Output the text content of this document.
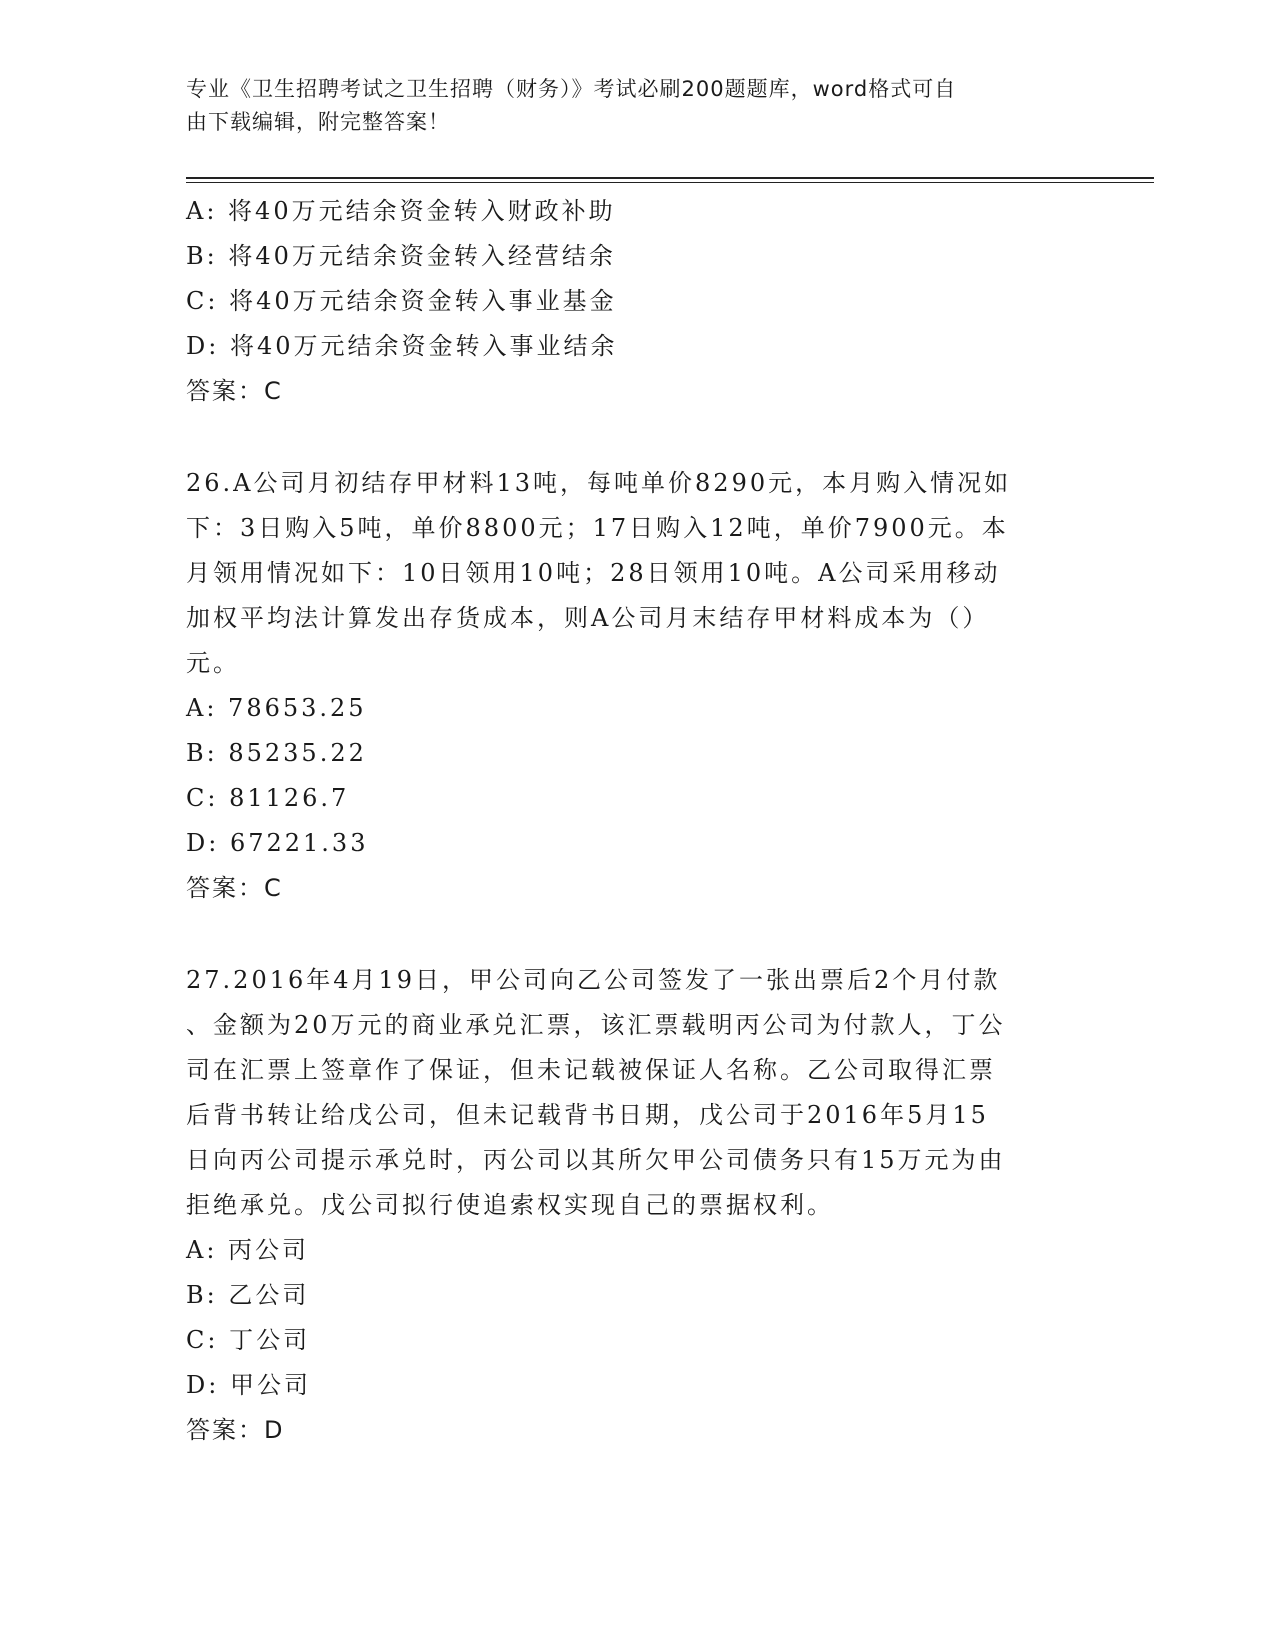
专业《卫生招聘考试之卫生招聘（财务）》考试必刷200题题库，word格式可自
由下载编辑，附完整答案！
A: 将40万元结余资金转入财政补助
B: 将40万元结余资金转入经营结余
C: 将40万元结余资金转入事业基金
D: 将40万元结余资金转入事业结余
答案：C
26.A公司月初结存甲材料13吨，每吨单价8290元，本月购入情况如
下：3日购入5吨，单价8800元；17日购入12吨，单价7900元。本
月领用情况如下：10日领用10吨；28日领用10吨。A公司采用移动
加权平均法计算发出存货成本，则A公司月末结存甲材料成本为（）
元。
A: 78653.25
B: 85235.22
C: 81126.7
D: 67221.33
答案：C
27.2016年4月19日，甲公司向乙公司签发了一张出票后2个月付款
、金额为20万元的商业承兑汇票，该汇票载明丙公司为付款人，丁公
司在汇票上签章作了保证，但未记载被保证人名称。乙公司取得汇票
后背书转让给戊公司，但未记载背书日期，戊公司于2016年5月15
日向丙公司提示承兑时，丙公司以其所欠甲公司债务只有15万元为由
拒绝承兑。戊公司拟行使追索权实现自己的票据权利。
A: 丙公司
B: 乙公司
C: 丁公司
D: 甲公司
答案：D
